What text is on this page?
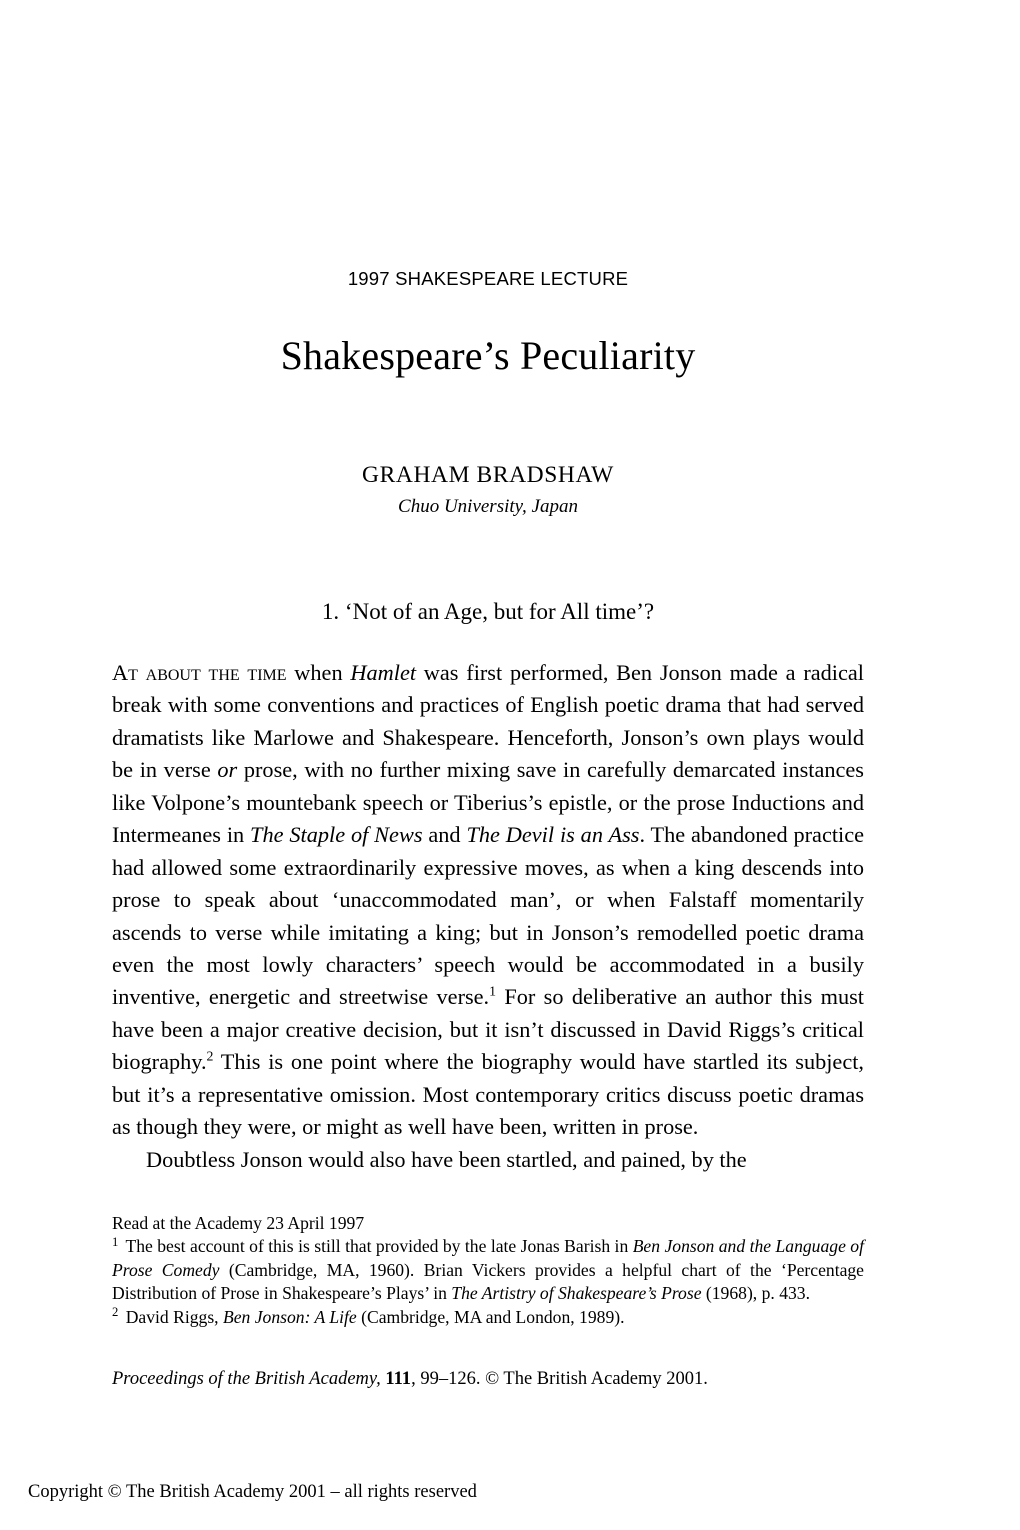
1997 SHAKESPEARE LECTURE
Shakespeare’s Peculiarity
GRAHAM BRADSHAW
Chuo University, Japan
1. ‘Not of an Age, but for All time’?

At about the time when Hamlet was first performed, Ben Jonson made a radical break with some conventions and practices of English poetic drama that had served dramatists like Marlowe and Shakespeare. Henceforth, Jonson’s own plays would be in verse or prose, with no further mixing save in carefully demarcated instances like Volpone’s mountebank speech or Tiberius’s epistle, or the prose Inductions and Intermeanes in The Staple of News and The Devil is an Ass. The abandoned practice had allowed some extraordinarily expressive moves, as when a king descends into prose to speak about ‘unaccommodated man’, or when Falstaff momentarily ascends to verse while imitating a king; but in Jonson’s remodelled poetic drama even the most lowly characters’ speech would be accommodated in a busily inventive, energetic and streetwise verse.$^1$ For so deliberative an author this must have been a major creative decision, but it isn’t discussed in David Riggs’s critical biography.$^2$ This is one point where the biography would have startled its subject, but it’s a representative omission. Most contemporary critics discuss poetic dramas as though they were, or might as well have been, written in prose.

Doubtless Jonson would also have been startled, and pained, by the

Read at the Academy 23 April 1997

$^1$ The best account of this is still that provided by the late Jonas Barish in Ben Jonson and the Language of Prose Comedy (Cambridge, MA, 1960). Brian Vickers provides a helpful chart of the ‘Percentage Distribution of Prose in Shakespeare’s Plays’ in The Artistry of Shakespeare’s Prose (1968), p. 433.

$^2$ David Riggs, Ben Jonson: A Life (Cambridge, MA and London, 1989).

Proceedings of the British Academy, 111, 99–126. © The British Academy 2001.
Copyright © The British Academy 2001 – all rights reserved
